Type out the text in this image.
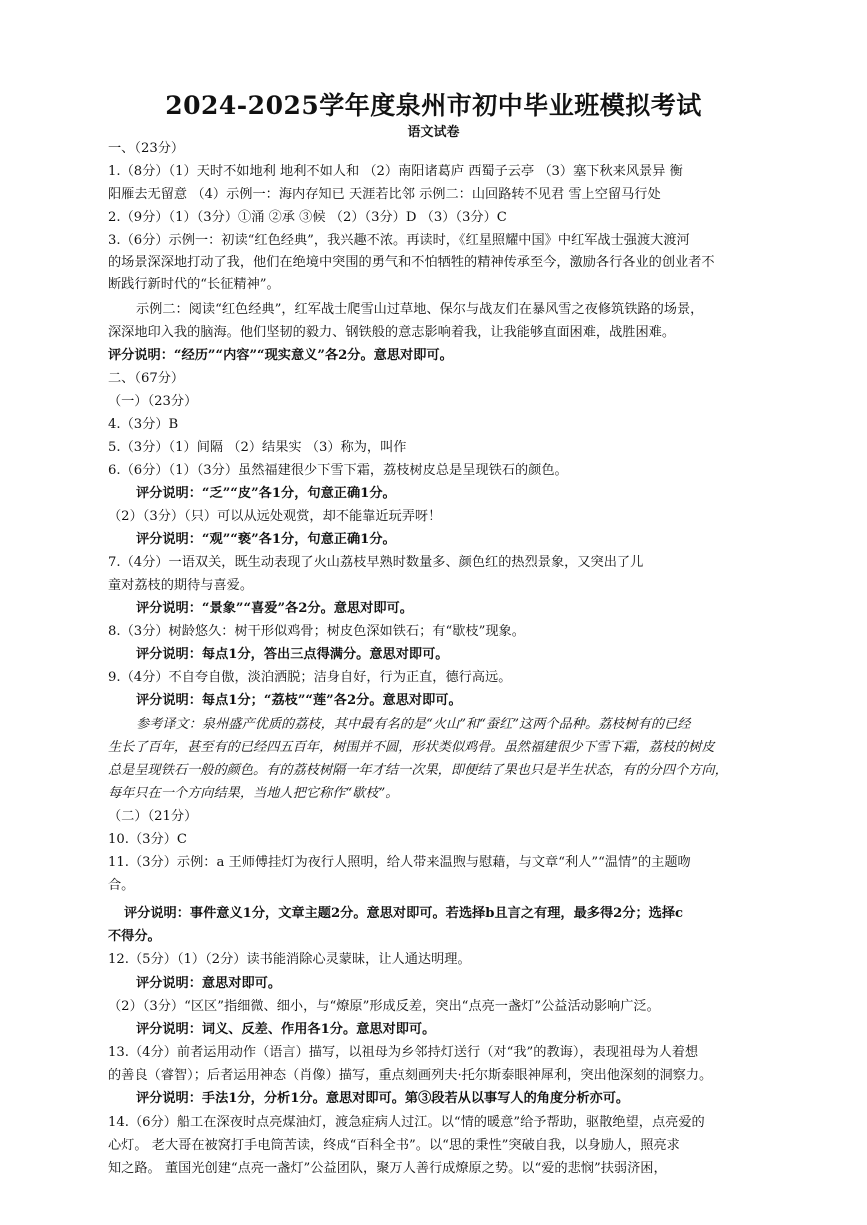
2024-2025学年度泉州市初中毕业班模拟考试
语文试卷
一、（23分）
1.（8分）（1）天时不如地利 地利不如人和 （2）南阳诸葛庐 西蜀子云亭 （3）塞下秋来风景异 衡
阳雁去无留意 （4）示例一：海内存知已 天涯若比邻 示例二：山回路转不见君 雪上空留马行处
2.（9分）（1）（3分）①涌 ②承 ③候 （2）（3分）D （3）（3分）C
3.（6分）示例一：初读“红色经典”，我兴趣不浓。再读时，《红星照耀中国》中红军战士强渡大渡河
的场景深深地打动了我，他们在绝境中突围的勇气和不怕牺牲的精神传承至今，激励各行各业的创业者不
断践行新时代的“长征精神”。
示例二：阅读“红色经典”，红军战士爬雪山过草地、保尔与战友们在暴风雪之夜修筑铁路的场景，
深深地印入我的脑海。他们坚韧的毅力、钢铁般的意志影响着我，让我能够直面困难，战胜困难。
评分说明：“经历”“内容”“现实意义”各2分。意思对即可。
二、（67分）
（一）（23分）
4.（3分）B
5.（3分）（1）间隔 （2）结果实 （3）称为，叫作
6.（6分）（1）（3分）虽然福建很少下雪下霜，荔枝树皮总是呈现铁石的颜色。
评分说明：“乏”“皮”各1分，句意正确1分。
（2）（3分）（只）可以从远处观赏，却不能靠近玩弄呀！
评分说明：“观”“亵”各1分，句意正确1分。
7.（4分）一语双关，既生动表现了火山荔枝早熟时数量多、颜色红的热烈景象，又突出了儿
童对荔枝的期待与喜爱。
评分说明：“景象”“喜爱”各2分。意思对即可。
8.（3分）树龄悠久：树干形似鸡骨；树皮色深如铁石；有“歇枝”现象。
评分说明：每点1分，答出三点得满分。意思对即可。
9.（4分）不自夸自傲，淡泊洒脱；洁身自好，行为正直，德行高远。
评分说明：每点1分；“荔枝”“莲”各2分。意思对即可。
参考译文：泉州盛产优质的荔枝，其中最有名的是“火山”和“蚕红”这两个品种。荔枝树有的已经
生长了百年，甚至有的已经四五百年，树围并不圆，形状类似鸡骨。虽然福建很少下雪下霜，荔枝的树皮
总是呈现铁石一般的颜色。有的荔枝树隔一年才结一次果，即便结了果也只是半生状态，有的分四个方向，
每年只在一个方向结果，当地人把它称作“歇枝”。
（二）（21分）
10.（3分）C
11.（3分）示例：a 王师傅挂灯为夜行人照明，给人带来温煦与慰藉，与文章“利人”“温情”的主题吻
合。
评分说明：事件意义1分，文章主题2分。意思对即可。若选择b且言之有理，最多得2分；选择c
不得分。
12.（5分）（1）（2分）读书能消除心灵蒙昧，让人通达明理。
评分说明：意思对即可。
（2）（3分）“区区”指细微、细小，与“燎原”形成反差，突出“点亮一盏灯”公益活动影响广泛。
评分说明：词义、反差、作用各1分。意思对即可。
13.（4分）前者运用动作（语言）描写，以祖母为乡邻持灯送行（对“我”的教诲），表现祖母为人着想
的善良（睿智）；后者运用神态（肖像）描写，重点刻画列夫·托尔斯泰眼神犀利，突出他深刻的洞察力。
评分说明：手法1分，分析1分。意思对即可。第③段若从以事写人的角度分析亦可。
14.（6分）船工在深夜时点亮煤油灯，渡急症病人过江。以“情的暖意”给予帮助，驱散绝望，点亮爱的
心灯。 老大哥在被窝打手电筒苦读，终成“百科全书”。以“思的秉性”突破自我，以身励人，照亮求
知之路。 董国光创建“点亮一盏灯”公益团队，聚万人善行成燎原之势。以“爱的悲悯”扶弱济困，
